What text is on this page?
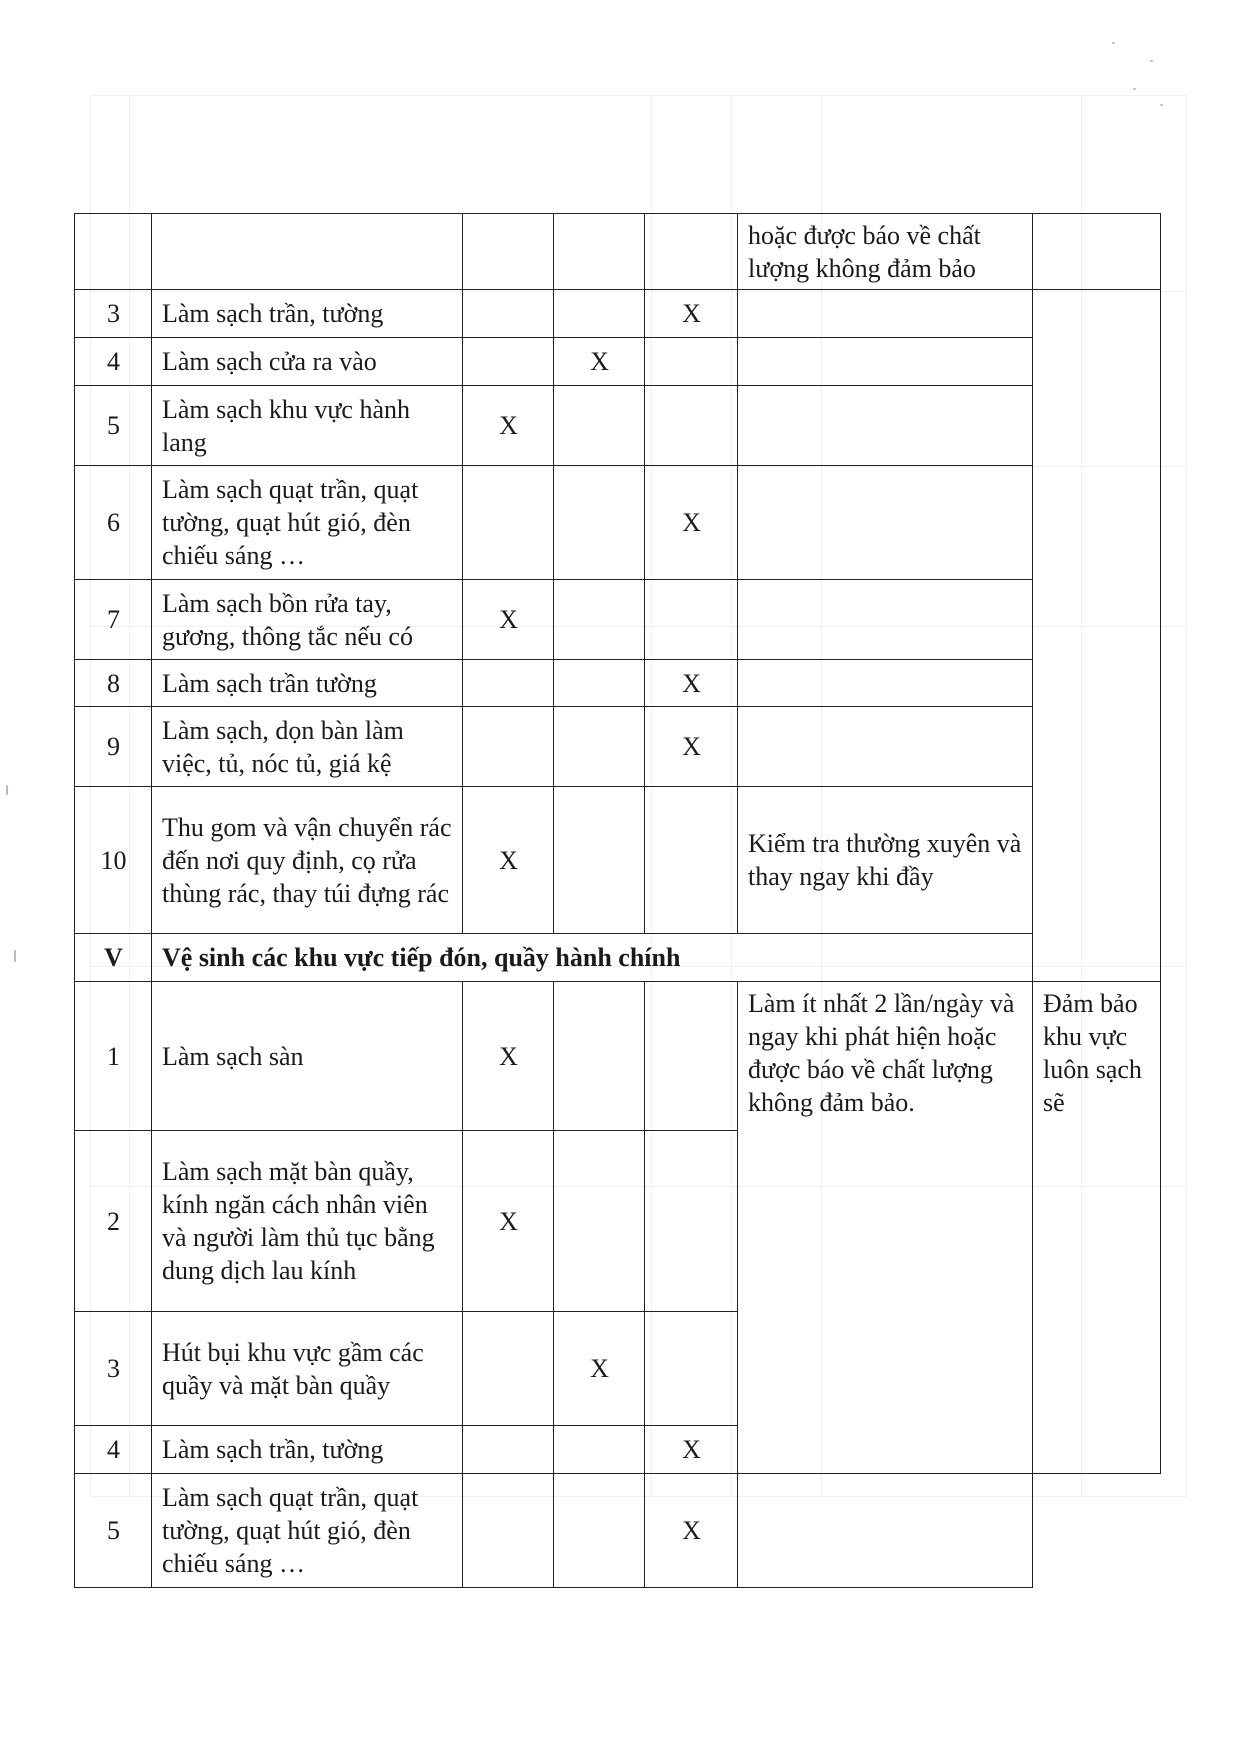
					hoặc được báo về chất lượng không đảm bảo		
3	Làm sạch trần, tường			X			
4	Làm sạch cửa ra vào		X				
5	Làm sạch khu vực hành lang	X					
6	Làm sạch quạt trần, quạt tường, quạt hút gió, đèn chiếu sáng …			X			
7	Làm sạch bồn rửa tay, gương, thông tắc nếu có	X					
8	Làm sạch trần tường			X			
9	Làm sạch, dọn bàn làm việc, tủ, nóc tủ, giá kệ			X			
10	Thu gom và vận chuyển rác đến nơi quy định, cọ rửa thùng rác, thay túi đựng rác	X			Kiểm tra thường xuyên và thay ngay khi đầy		
V	Vệ sinh các khu vực tiếp đón, quầy hành chính						
1	Làm sạch sàn	X			Làm ít nhất 2 lần/ngày và ngay khi phát hiện hoặc được báo về chất lượng không đảm bảo.	Đảm bảo khu vực luôn sạch sẽ	
2	Làm sạch mặt bàn quầy, kính ngăn cách nhân viên và người làm thủ tục bằng dung dịch lau kính	X					
3	Hút bụi khu vực gầm các quầy và mặt bàn quầy		X				
4	Làm sạch trần, tường			X			
5	Làm sạch quạt trần, quạt tường, quạt hút gió, đèn chiếu sáng …			X			
